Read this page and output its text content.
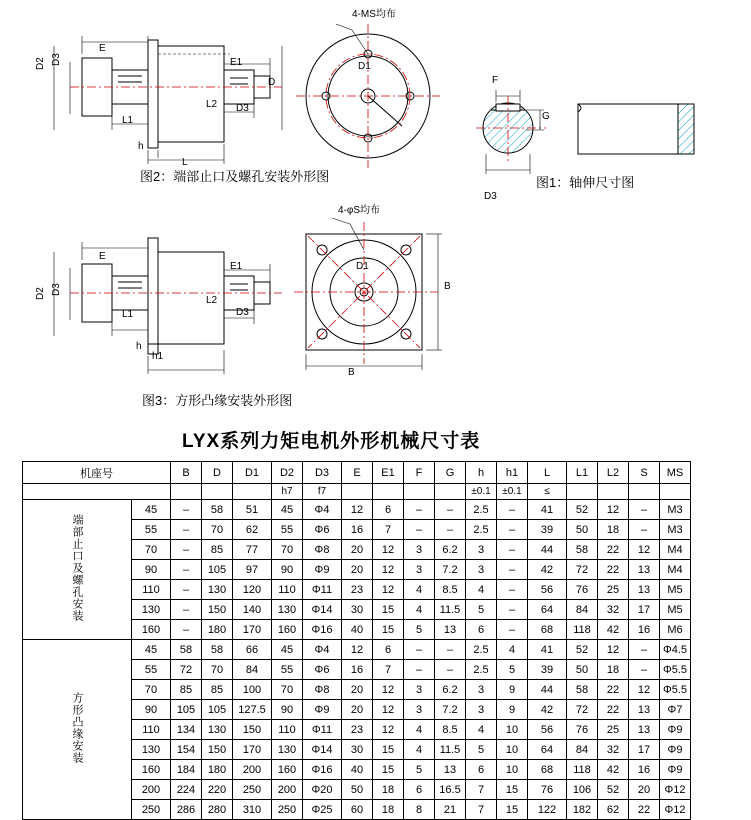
D2 D3
E
L1
h
L
E1
D3
L2
D
4-MS均布
D1
图2：端部止口及螺孔安装外形图
F
G
D3
图1：轴伸尺寸图
D2 D3
E
L1
h
h1
L2
E1
D3
4-φS均布
D1
B
B
图3：方形凸缘安装外形图
LYX系列力矩电机外形机械尺寸表
机座号		B	D	D1	D2	D3	E	E1	F	G	h	h1	L	L1	L2	S	MS
					h7	f7					±0.1	±0.1	≤				
端部止口及螺孔安装	45	–	58	51	45	Φ4	12	6	–	–	2.5	–	41	52	12	–	M3
	55	–	70	62	55	Φ6	16	7	–	–	2.5	–	39	50	18	–	M3
	70	–	85	77	70	Φ8	20	12	3	6.2	3	–	44	58	22	12	M4
	90	–	105	97	90	Φ9	20	12	3	7.2	3	–	42	72	22	13	M4
	110	–	130	120	110	Φ11	23	12	4	8.5	4	–	56	76	25	13	M5
	130	–	150	140	130	Φ14	30	15	4	11.5	5	–	64	84	32	17	M5
	160	–	180	170	160	Φ16	40	15	5	13	6	–	68	118	42	16	M6
方形凸缘安装	45	58	58	66	45	Φ4	12	6	–	–	2.5	4	41	52	12	–	Φ4.5
	55	72	70	84	55	Φ6	16	7	–	–	2.5	5	39	50	18	–	Φ5.5
	70	85	85	100	70	Φ8	20	12	3	6.2	3	9	44	58	22	12	Φ5.5
	90	105	105	127.5	90	Φ9	20	12	3	7.2	3	9	42	72	22	13	Φ7
	110	134	130	150	110	Φ11	23	12	4	8.5	4	10	56	76	25	13	Φ9
	130	154	150	170	130	Φ14	30	15	4	11.5	5	10	64	84	32	17	Φ9
	160	184	180	200	160	Φ16	40	15	5	13	6	10	68	118	42	16	Φ9
	200	224	220	250	200	Φ20	50	18	6	16.5	7	15	76	106	52	20	Φ12
	250	286	280	310	250	Φ25	60	18	8	21	7	15	122	182	62	22	Φ12
